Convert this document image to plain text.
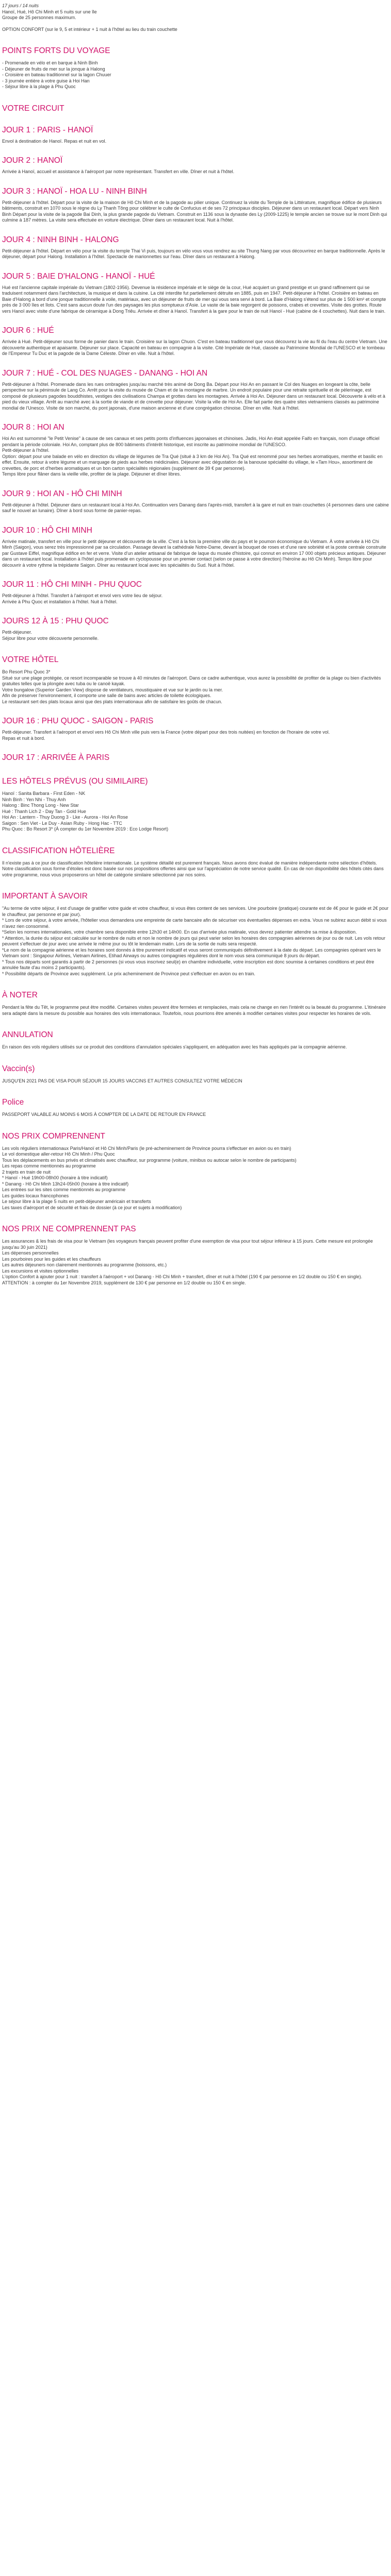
17 jours / 14 nuits

Hanoï, Hué, Hô Chi Minh et 5 nuits sur une île

Groupe de 25 personnes maximum.

OPTION CONFORT (sur le 9, 5 et intérieur + 1 nuit à l'hôtel au lieu du train couchette

POINTS FORTS DU VOYAGE

- Promenade en vélo et en barque à Ninh Binh

- Déjeuner de fruits de mer sur la jonque à Halong

- Croisière en bateau traditionnel sur la lagon Chuuer

- 3 journée entière à votre guise à Hoi Han

- Séjour libre à la plage à Phu Quoc

VOTRE CIRCUIT
JOUR 1 : PARIS - HANOÏ

Envol à destination de Hanoï. Repas et nuit en vol.

JOUR 2 : HANOÏ

Arrivée à Hanoï, accueil et assistance à l'aéroport par notre représentant. Transfert en ville. Dîner et nuit à l'hôtel.

JOUR 3 : HANOÏ - HOA LU - NINH BINH

Petit-déjeuner à l'hôtel. Départ pour la visite de la maison de Hô Chi Minh et de la pagode au pilier unique. Continuez la visite du Temple de la Littérature, magnifique édifice de plusieurs bâtiments, construit en 1070 sous le règne du Ly Thanh Tông pour célébrer le culte de Confucius et de ses 72 principaux disciples. Déjeuner dans un restaurant local. Départ vers Ninh Binh Départ pour la visite de la pagode Bai Dinh, la plus grande pagode du Vietnam. Construit en 1136 sous la dynastie des Ly (2009-1225) le temple ancien se trouve sur le mont Dinh qui culmine à 187 mètres. La visite sera effectuée en voiture électrique. Dîner dans un restaurant local. Nuit à l'hôtel.

JOUR 4 : NINH BINH - HALONG

Petit-déjeuner à l'hôtel. Départ en vélo pour la visite du temple Thai Vi puis, toujours en vélo vous vous rendrez au site Thung Nang par vous découvrirez en barque traditionnelle. Après le déjeuner, départ pour Halong. Installation à l'hôtel. Spectacle de marionnettes sur l'eau. Dîner dans un restaurant à Halong.

JOUR 5 : BAIE D'HALONG - HANOÏ - HUÉ

Hué est l'ancienne capitale impériale du Vietnam (1802-1956). Devenue la résidence impériale et le siège de la cour, Hué acquiert un grand prestige et un grand raffinement qui se traduisent notamment dans l'architecture, la musique et dans la cuisine. La cité interdite fut partiellement détruite en 1885, puis en 1947. Petit-déjeuner à l'hôtel. Croisière en bateau en Baie d'Halong à bord d'une jonque traditionnelle à voile, matériaux, avec un déjeuner de fruits de mer qui vous sera servi à bord. La Baie d'Halong s'étend sur plus de 1 500 km² et compte près de 3 000 îles et îlots. C'est sans aucun doute l'un des paysages les plus somptueux d'Asie. Le vaste de la baie regorgent de poissons, crabes et crevettes. Visite des grottes. Route vers Hanoï avec visite d'une fabrique de céramique à Dong Triêu. Arrivée et dîner à Hanoï. Transfert à la gare pour le train de nuit Hanoï - Hué (cabine de 4 couchettes). Nuit dans le train.

JOUR 6 : HUÉ

Arrivée à Hué. Petit-déjeuner sous forme de panier dans le train. Croisière sur la lagon Chuon. C'est en bateau traditionnel que vous découvrez la vie au fil du l'eau du centre Vietnam. Une découverte authentique et apaisante. Déjeuner sur place. Capacité en bateau en compagnie à la visite. Cité Impériale de Hué, classée au Patrimoine Mondial de l'UNESCO et le tombeau de l'Empereur Tu Duc et la pagode de la Dame Céleste. Dîner en ville. Nuit à l'hôtel.

JOUR 7 : HUÉ - COL DES NUAGES - DANANG - HOI AN

Petit-déjeuner à l'hôtel. Promenade dans les rues ombragées jusqu'au marché très animé de Dong Ba. Départ pour Hoi An en passant le Col des Nuages en longeant la côte, belle perspective sur la péninsule de Lang Co. Arrêt pour la visite du musée de Cham et de la montagne de marbre. Un endroit populaire pour une retraite spirituelle et de pèlerinage, est composé de plusieurs pagodes bouddhistes, vestiges des civilisations Champa et grottes dans les montagnes. Arrivée à Hoi An. Déjeuner dans un restaurant local. Découverte à vélo et à pied du vieux village. Arrêt au marché avec à la sortie de viande et de crevette pour déjeuner. Visite la ville de Hoi An. Elle fait partie des quatre sites vietnamiens classés au patrimoine mondial de l'Unesco. Visite de son marché, du pont japonais, d'une maison ancienne et d'une congrégation chinoise. Dîner en ville. Nuit à l'hôtel.

JOUR 8 : HOI AN

Hoi An est surnommé "le Petit Venise" à cause de ses canaux et ses petits ponts d'influences japonaises et chinoises. Jadis, Hoi An était appelée Faifo en français, nom d'usage officiel pendant la période coloniale. Hoi An, comptant plus de 800 bâtiments d'intérêt historique, est inscrite au patrimoine mondial de l'UNESCO.

Petit-déjeuner à l'hôtel.

Option: départ pour une balade en vélo en direction du village de légumes de Tra Qué (situé à 3 km de Hoi An). Tra Qué est renommé pour ses herbes aromatiques, menthe et basilic en effet. Ensuite, retour à votre légume et un marquage de pieds aux herbes médicinales. Déjeuner avec dégustation de la banouse spécialité du village, le «Tam Hou», assortiment de crevettes, de porc et d'herbes aromatiques et un bon carton spécialités régionales (supplément de 39 € par personne).

Temps libre pour flâner dans la vieille ville, profiter de la plage. Déjeuner et dîner libres.

JOUR 9 : HOI AN - HÔ CHI MINH

Petit-déjeuner à l'hôtel. Déjeuner dans un restaurant local à Hoi An. Continuation vers Danang dans l'après-midi, transfert à la gare et nuit en train couchettes (4 personnes dans une cabine sauf le nouvel an lunaire). Dîner à bord sous forme de panier-repas.

JOUR 10 : HÔ CHI MINH

Arrivée matinale, transfert en ville pour le petit déjeuner et découverte de la ville. C'est à la fois la première ville du pays et le poumon économique du Vietnam. À votre arrivée à Hô Chi Minh (Saigon), vous serez très impressionné par sa circulation. Passage devant la cathédrale Notre-Dame, devant la bouquet de roses et d'une rare sobriété et la poste centrale construite par Gustave Eiffel, magnifique édifice en fer et verre. Visite d'un atelier artisanal de fabrique de laque du musée d'histoire, qui connut en environ 17 000 objets précieux antiques. Déjeuner dans un restaurant local. Installation à l'hôtel puis promenade en cyclopousse pour un premier contact (selon ce passe à votre direction) l'héroïne au Hô Chi Minh). Temps libre pour découvrir à votre rythme la trépidante Saigon. Dîner au restaurant local avec les spécialités du Sud. Nuit à l'hôtel.

JOUR 11 : HÔ CHI MINH - PHU QUOC

Petit-déjeuner à l'hôtel. Transfert à l'aéroport et envol vers votre lieu de séjour.

Arrivée à Phu Quoc et installation à l'hôtel. Nuit à l'hôtel.

JOURS 12 À 15 : PHU QUOC

Petit-déjeuner.

Séjour libre pour votre découverte personnelle.

VOTRE HÔTEL

Bo Resort Phu Quoc 3*

Situé sur une plage protégée, ce resort incomparable se trouve à 40 minutes de l'aéroport. Dans ce cadre authentique, vous aurez la possibilité de profiter de la plage ou bien d'activités gratuites telles que la plongée avec tuba ou le canoë kayak.

Votre bungalow (Superior Garden View) dispose de ventilateurs, moustiquaire et vue sur le jardin ou la mer.

Afin de préserver l'environnement, il comporte une salle de bains avec articles de toilette écologiques.

Le restaurant sert des plats locaux ainsi que des plats internationaux afin de satisfaire les goûts de chacun.

JOUR 16 : PHU QUOC - SAIGON - PARIS

Petit-déjeuner. Transfert à l'aéroport et envol vers Hô Chi Minh ville puis vers la France (votre départ pour des trois nuitées) en fonction de l'horaire de votre vol.

Repas et nuit à bord.

JOUR 17 : ARRIVÉE À PARIS
LES HÔTELS PRÉVUS (OU SIMILAIRE)

Hanoï : Sanita Barbara - First Eden - NK

Ninh Binh : Yen Nhi - Thuy Anh

Halong : Binc Thong Long - New Star

Hué : Thanh Lich 2 - Day Tan - Gold Hue

Hoi An : Lantern - Thuy Duong 3 - Lke - Aurora - Hoi An Rose

Saigon : Sen Viet - Le Duy - Asian Ruby - Hong Hac - TTC

Phu Quoc : Bo Resort 3* (À compter du 1er Novembre 2019 : Eco Lodge Resort)

CLASSIFICATION HÔTELIÈRE

Il n'existe pas à ce jour de classification hôtelière internationale. Le système détaillé est purement français. Nous avons donc évalué de manière indépendante notre sélection d'hôtels. Notre classification sous forme d'étoiles est donc basée sur nos propositions offertes ainsi que sur l'appréciation de notre service qualité. En cas de non disponibilité des hôtels cités dans votre programme, nous vous proposerons un hôtel de catégorie similaire sélectionné par nos soins.

IMPORTANT À SAVOIR

"Au terme de votre séjour, il est d'usage de gratifier votre guide et votre chauffeur, si vous êtes content de ses services. Une pourboire (pratique) courante est de 4€ pour le guide et 2€ pour le chauffeur, par personne et par jour).

* Lors de votre séjour, à votre arrivée, l'hôtelier vous demandera une empreinte de carte bancaire afin de sécuriser vos éventuelles dépenses en extra. Vous ne subirez aucun débit si vous n'avez rien consommé.

*Selon les normes internationales, votre chambre sera disponible entre 12h30 et 14h00. En cas d'arrivée plus matinale, vous devrez patienter attendre sa mise à disposition.

* Attention, la durée du séjour est calculée sur le nombre de nuits et non le nombre de jours qui peut varier selon les horaires des compagnies aériennes de jour ou de nuit. Les vols retour peuvent s'effectuer de jour avec une arrivée le même jour ou tôt le lendemain matin. Lors de la sortie de nuits sera respecté.

*Le nom de la compagnie aérienne et les horaires sont donnés à titre purement indicatif et vous seront communiqués définitivement à la date du départ. Les compagnies opérant vers le Vietnam sont : Singapour Airlines, Vietnam Airlines, Etihad Airways ou autres compagnies régulières dont le nom vous sera communiqué 8 jours du départ.

* Tous nos départs sont garantis à partir de 2 personnes (si vous vous inscrivez seul(e) en chambre individuelle, votre inscription est donc soumise à certaines conditions et peut être annulée faute d'au moins 2 participants).

* Possibilité départs de Province avec supplément. Le prix acheminement de Province peut s'effectuer en avion ou en train.

À NOTER

Pendant la fête du Têt, le programme peut être modifié. Certaines visites peuvent être fermées et remplacées, mais cela ne change en rien l'intérêt ou la beauté du programme. L'itinéraire sera adapté dans la mesure du possible aux horaires des vols internationaux. Toutefois, nous pourrions être amenés à modifier certaines visites pour respecter les horaires de vols.

ANNULATION

En raison des vols réguliers utilisés sur ce produit des conditions d'annulation spéciales s'appliquent, en adéquation avec les frais appliqués par la compagnie aérienne.

Vaccin(s)

JUSQU'EN 2021 PAS DE VISA POUR SÉJOUR 15 JOURS VACCINS ET AUTRES CONSULTEZ VOTRE MÉDECIN

Police

PASSEPORT VALABLE AU MOINS 6 MOIS À COMPTER DE LA DATE DE RETOUR EN FRANCE

NOS PRIX COMPRENNENT

Les vols réguliers internationaux Paris/Hanoï et Hô Chi Minh/Paris (le pré-acheminement de Province pourra s'effectuer en avion ou en train)

Le vol domestique aller-retour Hô Chi Minh / Phu Quoc

Tous les déplacements en bus privés et climatisés avec chauffeur, sur programme (voiture, minibus ou autocar selon le nombre de participants)

Les repas comme mentionnés au programme

2 trajets en train de nuit

* Hanoï - Hué 19h00-08h00 (horaire à titre indicatif)

* Danang - Hô Chi Minh 13h24-05h00 (horaire à titre indicatif)

Les entrées sur les sites comme mentionnés au programme

Les guides locaux francophones

Le séjour libre à la plage 5 nuits en petit-déjeuner américain et transferts

Les taxes d'aéroport et de sécurité et frais de dossier (à ce jour et sujets à modification)

NOS PRIX NE COMPRENNENT PAS

Les assurances & les frais de visa pour le Vietnam (les voyageurs français peuvent profiter d'une exemption de visa pour tout séjour inférieur à 15 jours. Cette mesure est prolongée jusqu'au 30 juin 2021)

Les dépenses personnelles

Les pourboires pour les guides et les chauffeurs

Les autres déjeuners non clairement mentionnés au programme (boissons, etc.)

Les excursions et visites optionnelles

L'option Confort à ajouter pour 1 nuit : transfert à l'aéroport + vol Danang - Hô Chi Minh + transfert, dîner et nuit à l'hôtel (190 € par personne en 1/2 double ou 150 € en single). ATTENTION : à compter du 1er Novembre 2019, supplément de 130 € par personne en 1/2 double ou 150 € en single.
